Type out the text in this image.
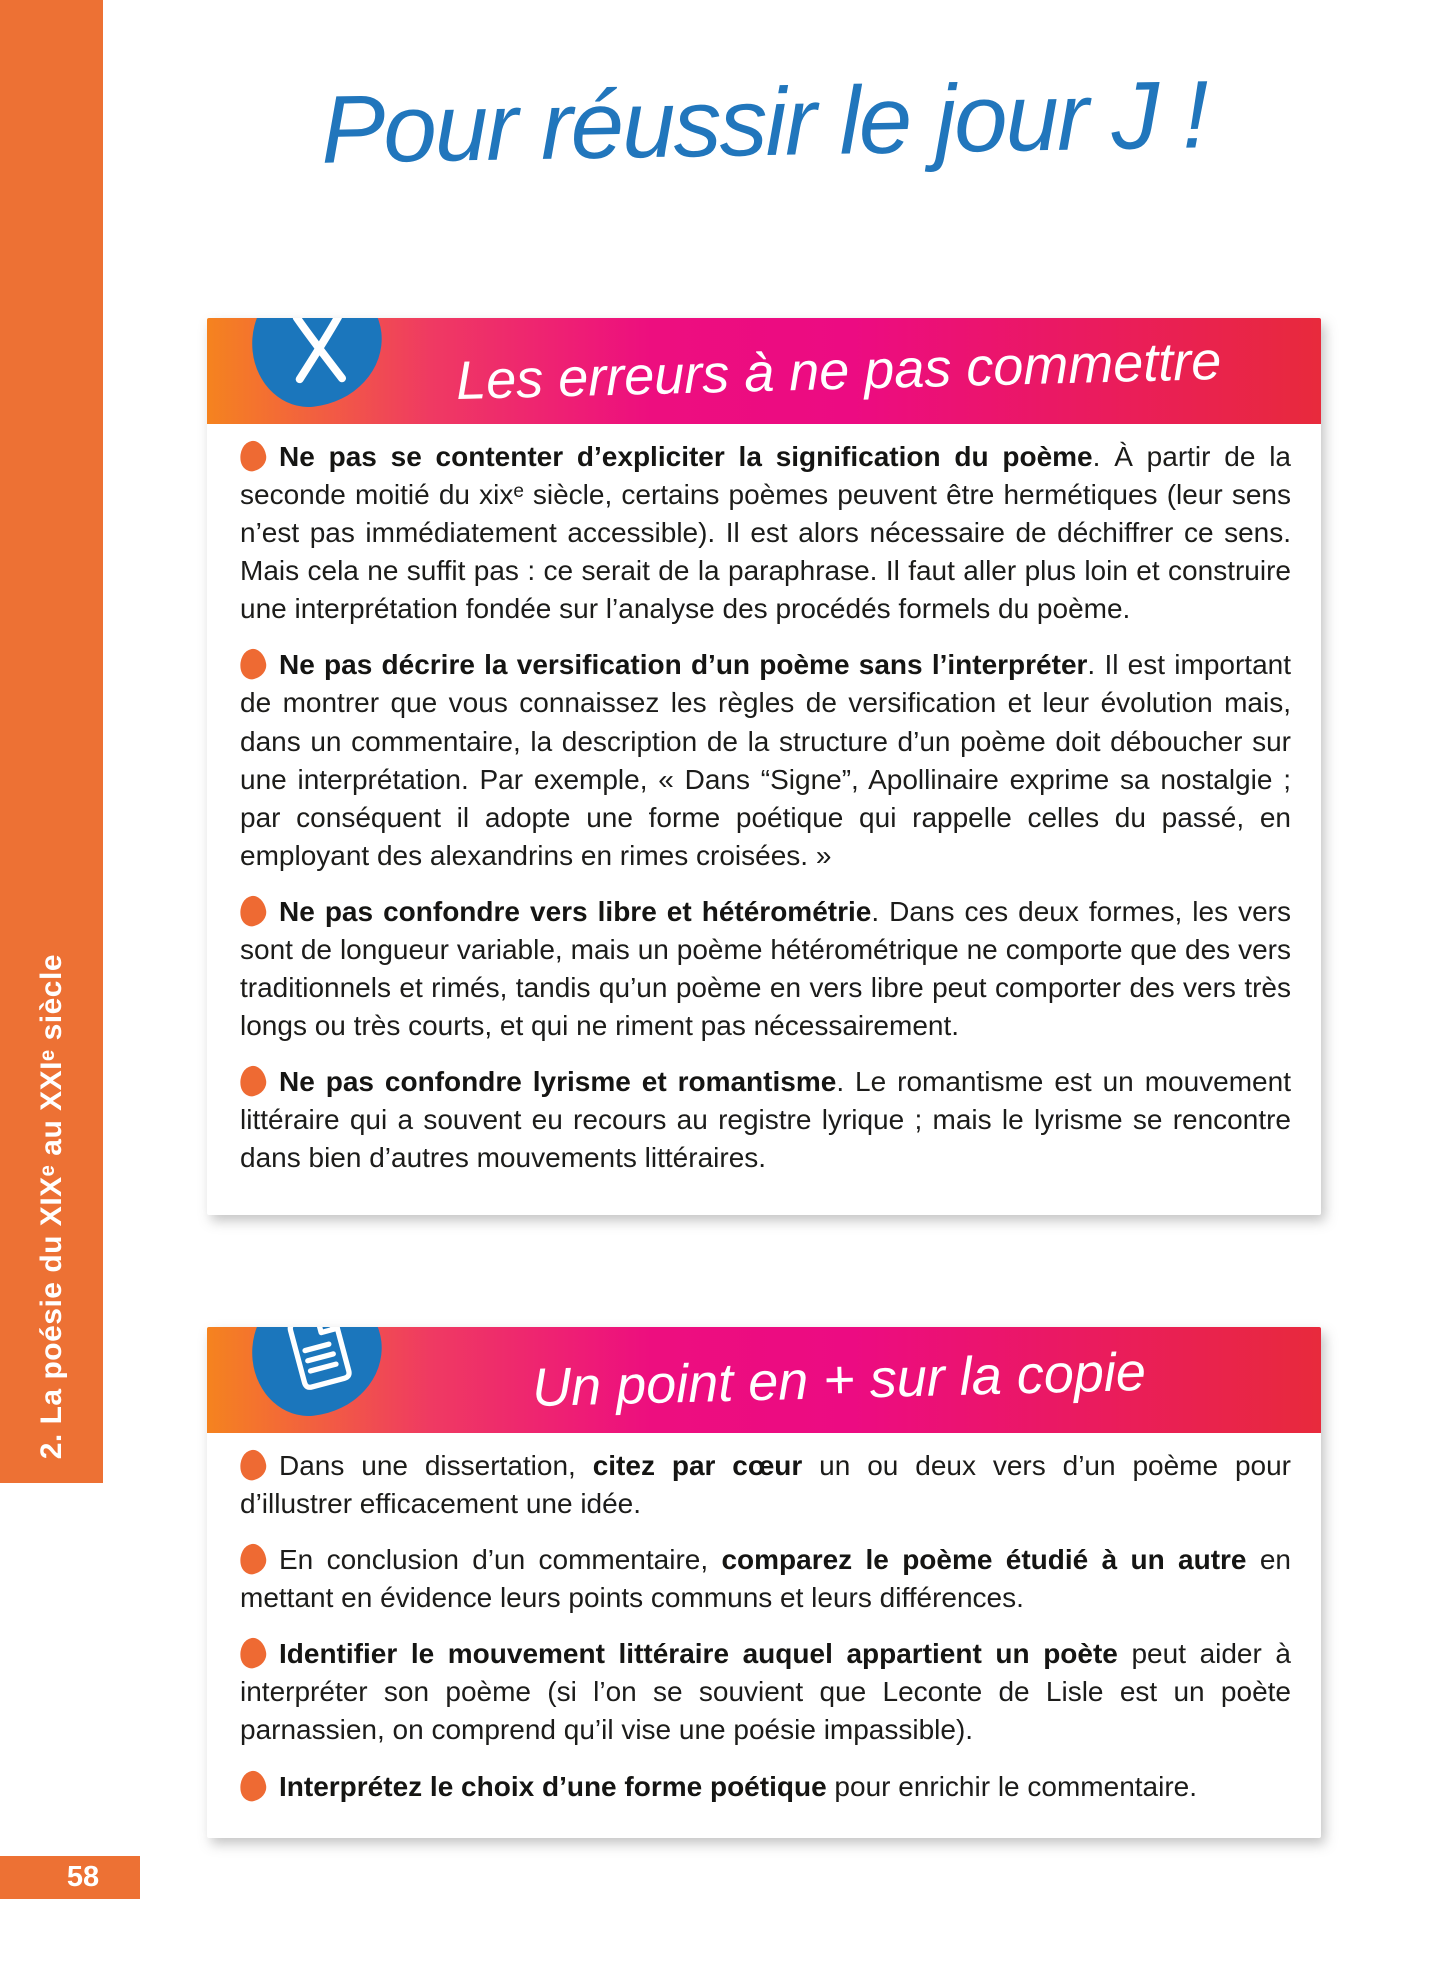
2. La poésie du XIXᵉ au XXIᵉ siècle
58
Pour réussir le jour J !
Les erreurs à ne pas commettre

Ne pas se contenter d’expliciter la signification du poème. À partir de la seconde moitié du xixᵉ siècle, certains poèmes peuvent être hermétiques (leur sens n’est pas immédiatement accessible). Il est alors nécessaire de déchiffrer ce sens. Mais cela ne suffit pas : ce serait de la paraphrase. Il faut aller plus loin et construire une interprétation fondée sur l’analyse des procédés formels du poème.

Ne pas décrire la versification d’un poème sans l’interpréter. Il est important de montrer que vous connaissez les règles de versification et leur évolution mais, dans un commentaire, la description de la structure d’un poème doit déboucher sur une interprétation. Par exemple, « Dans “Signe”, Apollinaire exprime sa nostalgie ; par conséquent il adopte une forme poétique qui rappelle celles du passé, en employant des alexandrins en rimes croisées. »

Ne pas confondre vers libre et hétérométrie. Dans ces deux formes, les vers sont de longueur variable, mais un poème hétérométrique ne comporte que des vers traditionnels et rimés, tandis qu’un poème en vers libre peut comporter des vers très longs ou très courts, et qui ne riment pas nécessairement.

Ne pas confondre lyrisme et romantisme. Le romantisme est un mouvement littéraire qui a souvent eu recours au registre lyrique ; mais le lyrisme se rencontre dans bien d’autres mouvements littéraires.

Un point en + sur la copie

Dans une dissertation, citez par cœur un ou deux vers d’un poème pour d’illustrer efficacement une idée.

En conclusion d’un commentaire, comparez le poème étudié à un autre en mettant en évidence leurs points communs et leurs différences.

Identifier le mouvement littéraire auquel appartient un poète peut aider à interpréter son poème (si l’on se souvient que Leconte de Lisle est un poète parnassien, on comprend qu’il vise une poésie impassible).

Interprétez le choix d’une forme poétique pour enrichir le commentaire.
